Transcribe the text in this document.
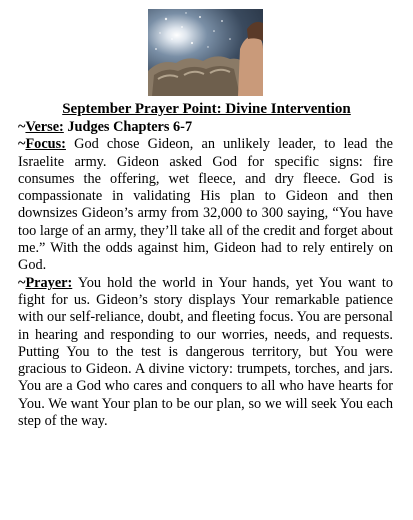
September Prayer Point: Divine Intervention

~Verse: Judges Chapters 6-7

~Focus: God chose Gideon, an unlikely leader, to lead the Israelite army. Gideon asked God for specific signs: fire consumes the offering, wet fleece, and dry fleece. God is compassionate in validating His plan to Gideon and then downsizes Gideon’s army from 32,000 to 300 saying, “You have too large of an army, they’ll take all of the credit and forget about me.” With the odds against him, Gideon had to rely entirely on God.

~Prayer: You hold the world in Your hands, yet You want to fight for us. Gideon’s story displays Your remarkable patience with our self-reliance, doubt, and fleeting focus. You are personal in hearing and responding to our worries, needs, and requests. Putting You to the test is dangerous territory, but You were gracious to Gideon. A divine victory: trumpets, torches, and jars. You are a God who cares and conquers to all who have hearts for You. We want Your plan to be our plan, so we will seek You each step of the way.
